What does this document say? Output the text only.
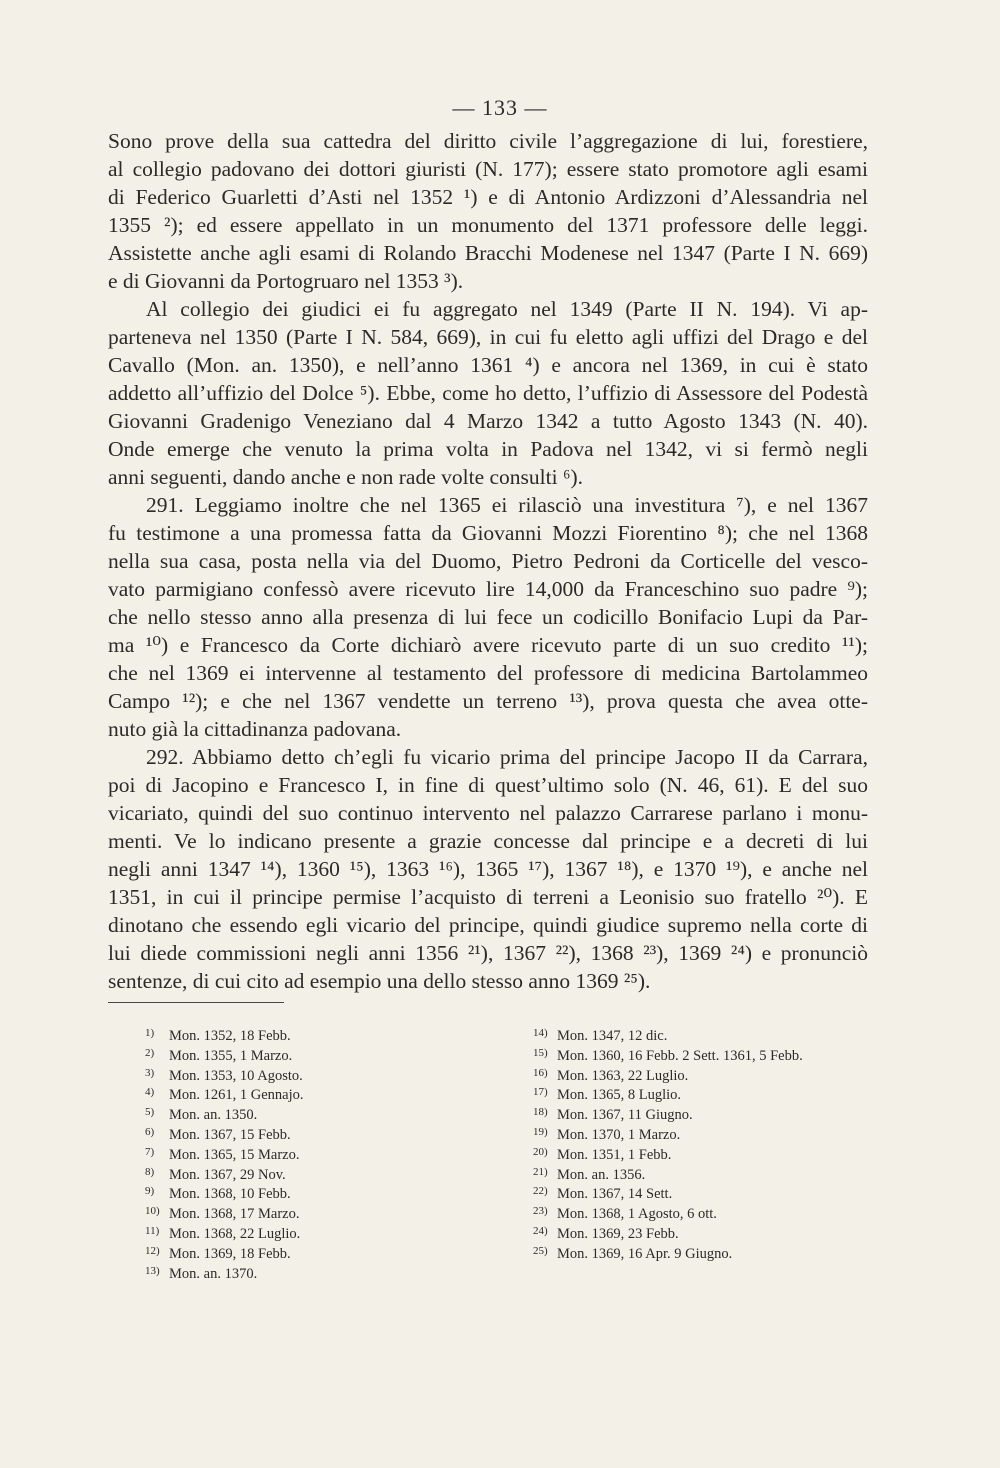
— 133 —
Sono prove della sua cattedra del diritto civile l’aggregazione di lui, forestiere,
al collegio padovano dei dottori giuristi (N. 177); essere stato promotore agli esami
di Federico Guarletti d’Asti nel 1352 ¹) e di Antonio Ardizzoni d’Alessandria nel
1355 ²); ed essere appellato in un monumento del 1371 professore delle leggi.
Assistette anche agli esami di Rolando Bracchi Modenese nel 1347 (Parte I N. 669)
e di Giovanni da Portogruaro nel 1353 ³).
Al collegio dei giudici ei fu aggregato nel 1349 (Parte II N. 194). Vi ap-
parteneva nel 1350 (Parte I N. 584, 669), in cui fu eletto agli uffizi del Drago e del
Cavallo (Mon. an. 1350), e nell’anno 1361 ⁴) e ancora nel 1369, in cui è stato
addetto all’uffizio del Dolce ⁵). Ebbe, come ho detto, l’uffizio di Assessore del Podestà
Giovanni Gradenigo Veneziano dal 4 Marzo 1342 a tutto Agosto 1343 (N. 40).
Onde emerge che venuto la prima volta in Padova nel 1342, vi si fermò negli
anni seguenti, dando anche e non rade volte consulti ⁶).
291. Leggiamo inoltre che nel 1365 ei rilasciò una investitura ⁷), e nel 1367
fu testimone a una promessa fatta da Giovanni Mozzi Fiorentino ⁸); che nel 1368
nella sua casa, posta nella via del Duomo, Pietro Pedroni da Corticelle del vesco-
vato parmigiano confessò avere ricevuto lire 14,000 da Franceschino suo padre ⁹);
che nello stesso anno alla presenza di lui fece un codicillo Bonifacio Lupi da Par-
ma ¹⁰) e Francesco da Corte dichiarò avere ricevuto parte di un suo credito ¹¹);
che nel 1369 ei intervenne al testamento del professore di medicina Bartolammeo
Campo ¹²); e che nel 1367 vendette un terreno ¹³), prova questa che avea otte-
nuto già la cittadinanza padovana.
292. Abbiamo detto ch’egli fu vicario prima del principe Jacopo II da Carrara,
poi di Jacopino e Francesco I, in fine di quest’ultimo solo (N. 46, 61). E del suo
vicariato, quindi del suo continuo intervento nel palazzo Carrarese parlano i monu-
menti. Ve lo indicano presente a grazie concesse dal principe e a decreti di lui
negli anni 1347 ¹⁴), 1360 ¹⁵), 1363 ¹⁶), 1365 ¹⁷), 1367 ¹⁸), e 1370 ¹⁹), e anche nel
1351, in cui il principe permise l’acquisto di terreni a Leonisio suo fratello ²⁰). E
dinotano che essendo egli vicario del principe, quindi giudice supremo nella corte di
lui diede commissioni negli anni 1356 ²¹), 1367 ²²), 1368 ²³), 1369 ²⁴) e pronunciò
sentenze, di cui cito ad esempio una dello stesso anno 1369 ²⁵).
1) Mon. 1352, 18 Febb.
2) Mon. 1355, 1 Marzo.
3) Mon. 1353, 10 Agosto.
4) Mon. 1261, 1 Gennajo.
5) Mon. an. 1350.
6) Mon. 1367, 15 Febb.
7) Mon. 1365, 15 Marzo.
8) Mon. 1367, 29 Nov.
9) Mon. 1368, 10 Febb.
10) Mon. 1368, 17 Marzo.
11) Mon. 1368, 22 Luglio.
12) Mon. 1369, 18 Febb.
13) Mon. an. 1370.
14) Mon. 1347, 12 dic.
15) Mon. 1360, 16 Febb. 2 Sett. 1361, 5 Febb.
16) Mon. 1363, 22 Luglio.
17) Mon. 1365, 8 Luglio.
18) Mon. 1367, 11 Giugno.
19) Mon. 1370, 1 Marzo.
20) Mon. 1351, 1 Febb.
21) Mon. an. 1356.
22) Mon. 1367, 14 Sett.
23) Mon. 1368, 1 Agosto, 6 ott.
24) Mon. 1369, 23 Febb.
25) Mon. 1369, 16 Apr. 9 Giugno.
